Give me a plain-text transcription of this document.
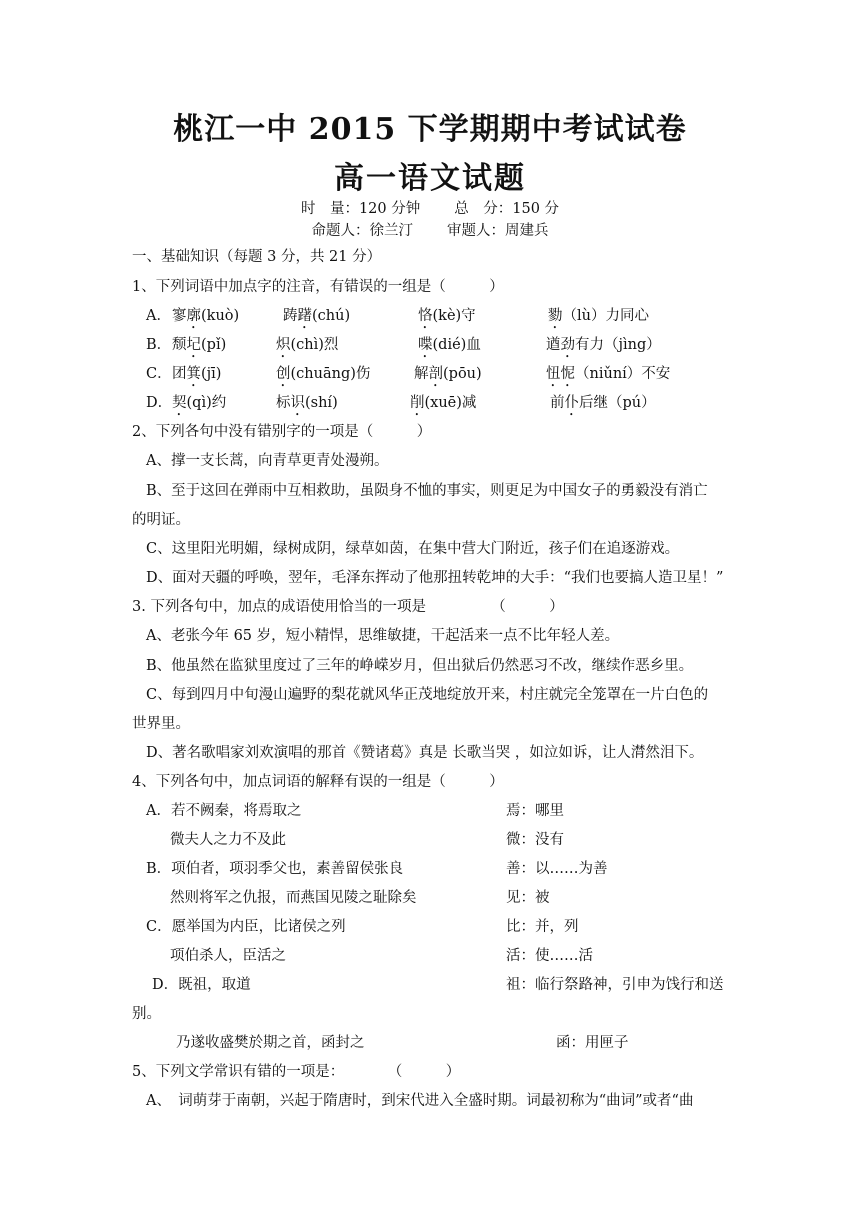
桃江一中 2015 下学期期中考试试卷
高一语文试题
时　量：120 分钟 总　分：150 分
命题人：徐兰汀 审题人：周建兵
一、基础知识（每题 3 分，共 21 分）
1、下列词语中加点字的注音，有错误的一组是（　　　）
A． 寥廓(kuò)	踌躇(chú)	恪(kè)守	勠（lù）力同心
B． 颓圮(pǐ)	炽(chì)烈	喋(dié)血	遒劲有力（jìng）
C． 团箕(jī)	创(chuāng)伤	解剖(pōu)	忸怩（niǔní）不安
D． 契(qì)约	标识(shí)	削(xuē)减	前仆后继（pú）
2、下列各句中没有错别字的一项是（　　　）
A、撑一支长蒿，向青草更青处漫朔。
B、至于这回在弹雨中互相救助，虽陨身不恤的事实，则更足为中国女子的勇毅没有消亡
的明证。
C、这里阳光明媚，绿树成阴，绿草如茵，在集中营大门附近，孩子们在追逐游戏。
D、面对天疆的呼唤，翌年，毛泽东挥动了他那扭转乾坤的大手：“我们也要搞人造卫星！”
3. 下列各句中，加点的成语使用恰当的一项是　　　　　（　　　）
A、老张今年 65 岁，短小精悍，思维敏捷，干起活来一点不比年轻人差。
B、他虽然在监狱里度过了三年的峥嵘岁月，但出狱后仍然恶习不改，继续作恶乡里。
C、每到四月中旬漫山遍野的梨花就风华正茂地绽放开来，村庄就完全笼罩在一片白色的
世界里。
D、著名歌唱家刘欢演唱的那首《赞诸葛》真是 长歌当哭 ，如泣如诉，让人潸然泪下。
4、下列各句中，加点词语的解释有误的一组是（　　　）
A．若不阙秦，将焉取之	焉：哪里
微夫人之力不及此	微：没有
B．项伯者，项羽季父也，素善留侯张良	善：以……为善
然则将军之仇报，而燕国见陵之耻除矣	见：被
C．愿举国为内臣，比诸侯之列	比：并，列
项伯杀人，臣活之	活：使……活
D．既祖，取道	祖：临行祭路神，引申为饯行和送
别。
乃遂收盛樊於期之首，函封之	函：用匣子
5、下列文学常识有错的一项是：　　　　（　　　）
A、　词萌芽于南朝，兴起于隋唐时，到宋代进入全盛时期。词最初称为“曲词”或者“曲
